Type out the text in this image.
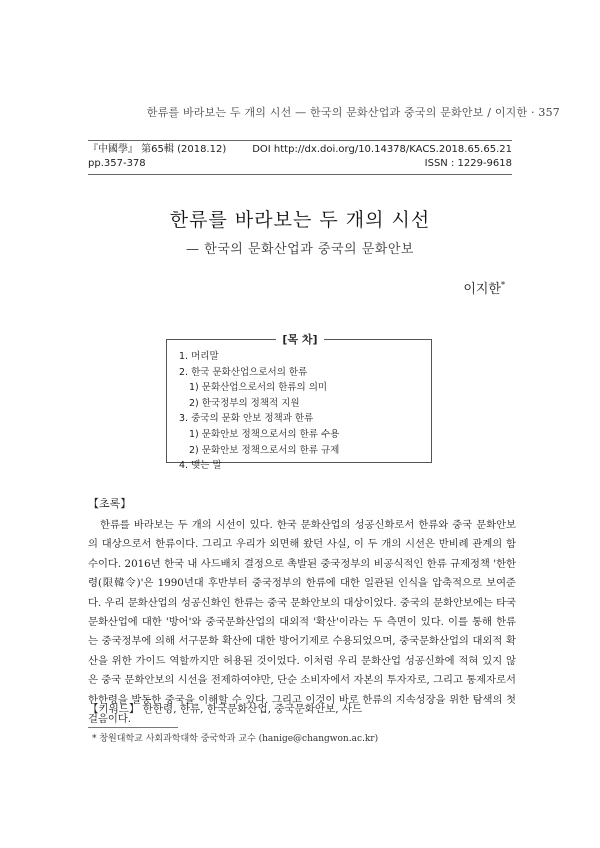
한류를 바라보는 두 개의 시선 — 한국의 문화산업과 중국의 문화안보 / 이지한 · 357
『中國學』 第65輯 (2018.12)	DOI http://dx.doi.org/10.14378/KACS.2018.65.65.21
pp.357-378	ISSN : 1229-9618
한류를 바라보는 두 개의 시선
— 한국의 문화산업과 중국의 문화안보
이지한*
[목 차]
1. 머리말
2. 한국 문화산업으로서의 한류
1) 문화산업으로서의 한류의 의미
2) 한국정부의 정책적 지원
3. 중국의 문화 안보 정책과 한류
1) 문화안보 정책으로서의 한류 수용
2) 문화안보 정책으로서의 한류 규제
4. 맺는 말
【초록】

한류를 바라보는 두 개의 시선이 있다. 한국 문화산업의 성공신화로서 한류와 중국 문화안보의 대상으로서 한류이다. 그리고 우리가 외면해 왔던 사실, 이 두 개의 시선은 반비례 관계의 함수이다. 2016년 한국 내 사드배치 결정으로 촉발된 중국정부의 비공식적인 한류 규제정책 '한한령(限韓令)'은 1990년대 후반부터 중국정부의 한류에 대한 일관된 인식을 압축적으로 보여준다. 우리 문화산업의 성공신화인 한류는 중국 문화안보의 대상이었다. 중국의 문화안보에는 타국 문화산업에 대한 '방어'와 중국문화산업의 대외적 '확산'이라는 두 측면이 있다. 이를 통해 한류는 중국정부에 의해 서구문화 확산에 대한 방어기제로 수용되었으며, 중국문화산업의 대외적 확산을 위한 가이드 역할까지만 허용된 것이었다. 이처럼 우리 문화산업 성공신화에 적혀 있지 않은 중국 문화안보의 시선을 전제하여야만, 단순 소비자에서 자본의 투자자로, 그리고 통제자로서 한한령을 발동한 중국을 이해할 수 있다. 그리고 이것이 바로 한류의 지속성장을 위한 탐색의 첫걸음이다.

【키워드】 한한령, 한류, 한국문화산업, 중국문화안보, 사드
* 창원대학교 사회과학대학 중국학과 교수 (hanige@changwon.ac.kr)
